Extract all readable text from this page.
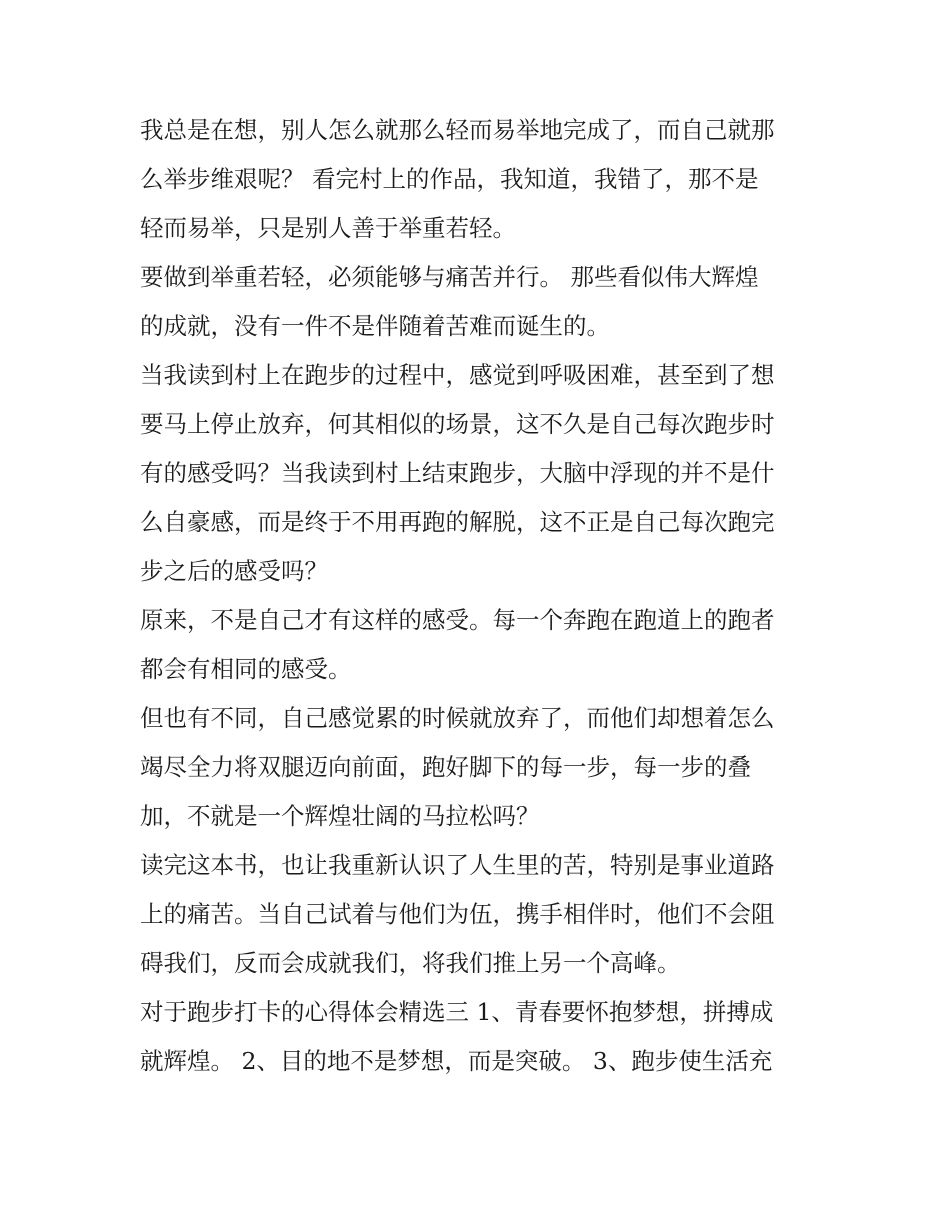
我总是在想，别人怎么就那么轻而易举地完成了，而自己就那
么举步维艰呢？ 看完村上的作品，我知道，我错了，那不是
轻而易举，只是别人善于举重若轻。
要做到举重若轻，必须能够与痛苦并行。 那些看似伟大辉煌
的成就，没有一件不是伴随着苦难而诞生的。
当我读到村上在跑步的过程中，感觉到呼吸困难，甚至到了想
要马上停止放弃，何其相似的场景，这不久是自己每次跑步时
有的感受吗？当我读到村上结束跑步，大脑中浮现的并不是什
么自豪感，而是终于不用再跑的解脱，这不正是自己每次跑完
步之后的感受吗？
原来，不是自己才有这样的感受。每一个奔跑在跑道上的跑者
都会有相同的感受。
但也有不同，自己感觉累的时候就放弃了，而他们却想着怎么
竭尽全力将双腿迈向前面，跑好脚下的每一步，每一步的叠
加，不就是一个辉煌壮阔的马拉松吗？
读完这本书，也让我重新认识了人生里的苦，特别是事业道路
上的痛苦。当自己试着与他们为伍，携手相伴时，他们不会阻
碍我们，反而会成就我们，将我们推上另一个高峰。
对于跑步打卡的心得体会精选三 1、青春要怀抱梦想，拼搏成
就辉煌。 2、目的地不是梦想，而是突破。 3、跑步使生活充
